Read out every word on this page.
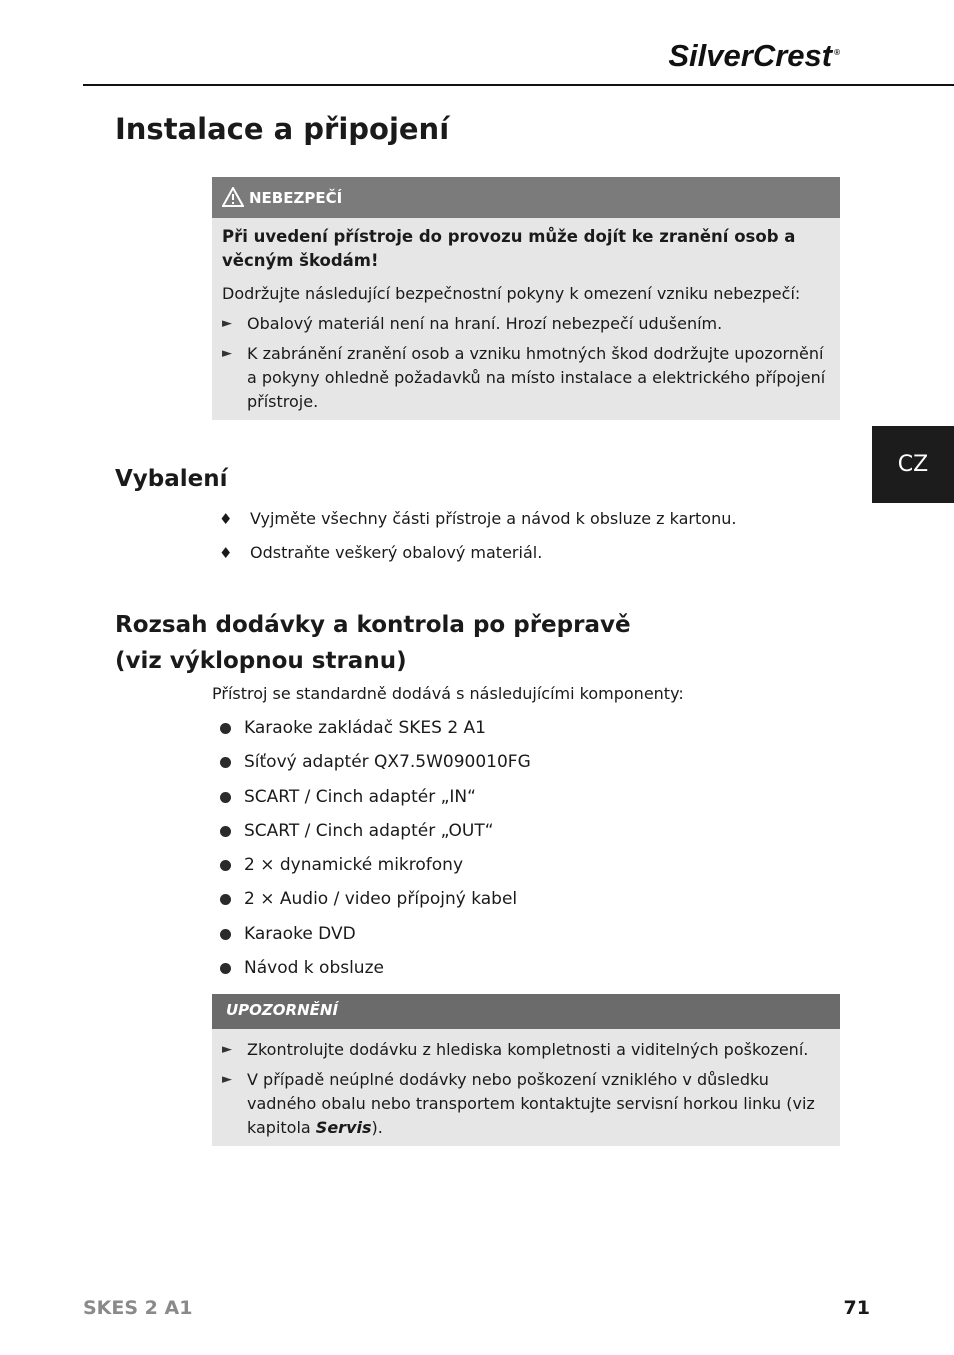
SilverCrest ®
Instalace a připojení
NEBEZPEČÍ
Při uvedení přístroje do provozu může dojít ke zranění osob a věcným škodám!
Dodržujte následující bezpečnostní pokyny k omezení vzniku nebezpečí:
► Obalový materiál není na hraní. Hrozí nebezpečí udušením.
► K zabránění zranění osob a vzniku hmotných škod dodržujte upozornění a pokyny ohledně požadavků na místo instalace a elektrického přípojení přístroje.
Vybalení
♦ Vyjměte všechny části přístroje a návod k obsluze z kartonu.
♦ Odstraňte veškerý obalový materiál.
Rozsah dodávky a kontrola po přepravě
(viz výklopnou stranu)
Přístroj se standardně dodává s následujícími komponenty:
Karaoke zakládač SKES 2 A1
Síťový adaptér QX7.5W090010FG
SCART / Cinch adaptér „IN“
SCART / Cinch adaptér „OUT“
2 × dynamické mikrofony
2 × Audio / video přípojný kabel
Karaoke DVD
Návod k obsluze
UPOZORNĚNÍ
► Zkontrolujte dodávku z hlediska kompletnosti a viditelných poškození.
► V případě neúplné dodávky nebo poškození vzniklého v důsledku vadného obalu nebo transportem kontaktujte servisní horkou linku (viz kapitola Servis).
CZ
SKES 2 A1	71
